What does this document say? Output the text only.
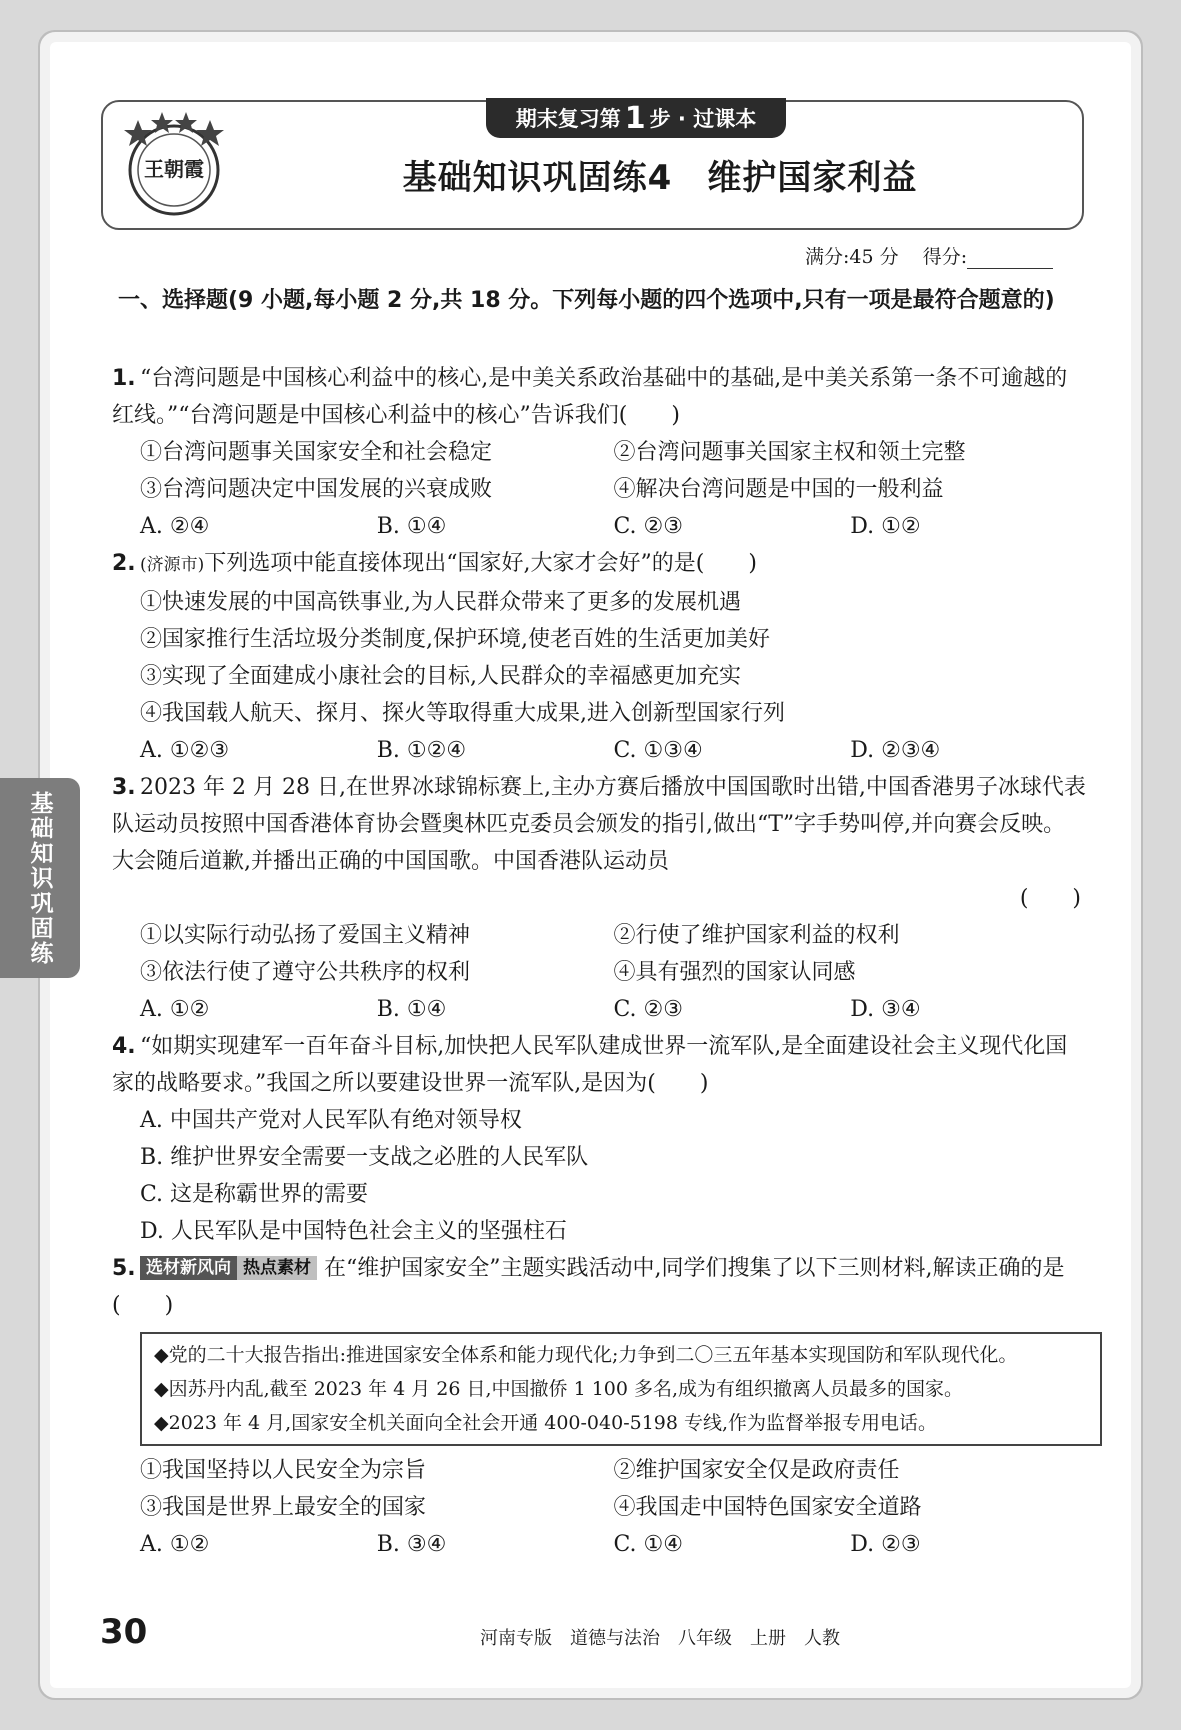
期末复习第 1 步 · 过课本
王朝霞	基础知识巩固练4　维护国家利益
满分:45 分 得分:
一、选择题(9 小题,每小题 2 分,共 18 分。下列每小题的四个选项中,只有一项是最符合题意的)
1. “台湾问题是中国核心利益中的核心,是中美关系政治基础中的基础,是中美关系第一条不可逾越的红线。”“台湾问题是中国核心利益中的核心”告诉我们(　　)
①台湾问题事关国家安全和社会稳定	②台湾问题事关国家主权和领土完整
③台湾问题决定中国发展的兴衰成败	④解决台湾问题是中国的一般利益
A. ②④	B. ①④	C. ②③	D. ①②
2. (济源市)下列选项中能直接体现出“国家好,大家才会好”的是(　　)
①快速发展的中国高铁事业,为人民群众带来了更多的发展机遇
②国家推行生活垃圾分类制度,保护环境,使老百姓的生活更加美好
③实现了全面建成小康社会的目标,人民群众的幸福感更加充实
④我国载人航天、探月、探火等取得重大成果,进入创新型国家行列
A. ①②③	B. ①②④	C. ①③④	D. ②③④
3. 2023 年 2 月 28 日,在世界冰球锦标赛上,主办方赛后播放中国国歌时出错,中国香港男子冰球代表队运动员按照中国香港体育协会暨奥林匹克委员会颁发的指引,做出“T”字手势叫停,并向赛会反映。大会随后道歉,并播出正确的中国国歌。中国香港队运动员
(　　)
①以实际行动弘扬了爱国主义精神	②行使了维护国家利益的权利
③依法行使了遵守公共秩序的权利	④具有强烈的国家认同感
A. ①②	B. ①④	C. ②③	D. ③④
4. “如期实现建军一百年奋斗目标,加快把人民军队建成世界一流军队,是全面建设社会主义现代化国家的战略要求。”我国之所以要建设世界一流军队,是因为(　　)
A. 中国共产党对人民军队有绝对领导权
B. 维护世界安全需要一支战之必胜的人民军队
C. 这是称霸世界的需要
D. 人民军队是中国特色社会主义的坚强柱石
5. 选材新风向 热点素材 在“维护国家安全”主题实践活动中,同学们搜集了以下三则材料,解读正确的是(　　)
◆党的二十大报告指出:推进国家安全体系和能力现代化;力争到二〇三五年基本实现国防和军队现代化。
◆因苏丹内乱,截至 2023 年 4 月 26 日,中国撤侨 1 100 多名,成为有组织撤离人员最多的国家。
◆2023 年 4 月,国家安全机关面向全社会开通 400-040-5198 专线,作为监督举报专用电话。
①我国坚持以人民安全为宗旨	②维护国家安全仅是政府责任
③我国是世界上最安全的国家	④我国走中国特色国家安全道路
A. ①②	B. ③④	C. ①④	D. ②③
基础知识巩固练
30	河南专版　道德与法治　八年级　上册　人教
